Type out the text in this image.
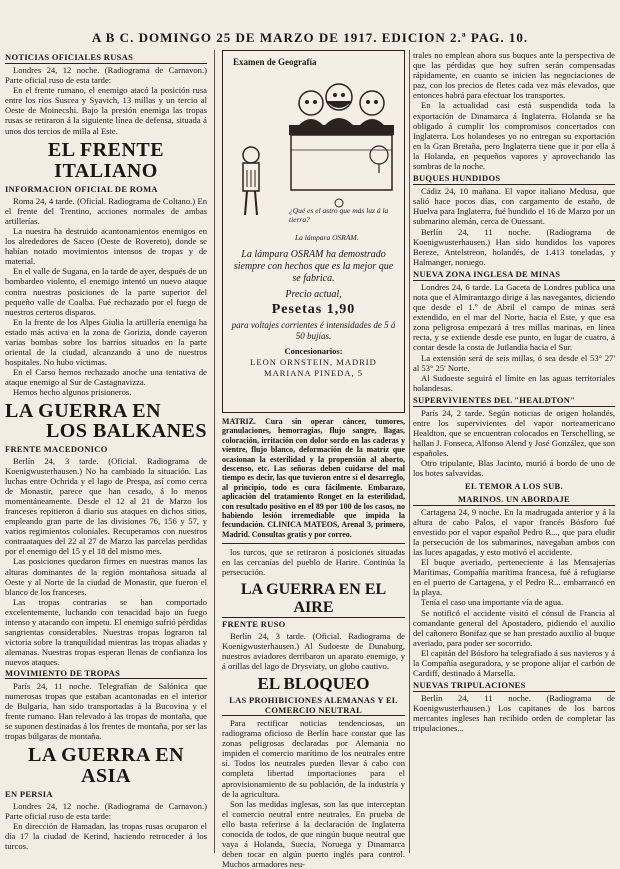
A B C. DOMINGO 25 DE MARZO DE 1917. EDICION 2.ª PAG. 10.
NOTICIAS OFICIALES RUSAS

Londres 24, 12 noche. (Radiograma de Carnavon.) Parte oficial ruso de esta tarde:

En el frente rumano, el enemigo atacó la posición rusa entre los ríos Suscea y Syavich, 13 millas y un tercio al Oeste de Moinecshi. Bajo la presión enemiga las tropas rusas se retiraron á la siguiente línea de defensa, situada á unos dos tercios de milla al Este.

EL FRENTE ITALIANO
INFORMACION OFICIAL DE ROMA

Roma 24, 4 tarde. (Oficial. Radiograma de Coltano.) En el frente del Trentino, acciones normales de ambas artillerías.

La nuestra ha destruido acantonamientos enemigos en los alrededores de Saceo (Oeste de Rovereto), donde se habían notado movimientos intensos de tropas y de material.

En el valle de Sugana, en la tarde de ayer, después de un bombardeo violento, el enemigo intentó un nuevo ataque contra nuestras posiciones de la parte superior del pequeño valle de Coalba. Fué rechazado por el fuego de nuestros certeros disparos.

En la frente de los Alpes Giulia la artillería enemiga ha estado más activa en la zona de Gorizia, donde cayeron varias bombas sobre los barrios situados en la parte oriental de la ciudad, alcanzando á uno de nuestros hospitales. No hubo víctimas.

En el Carso hemos rechazado anoche una tentativa de ataque enemigo al Sur de Castagnavizza.

Hemos hecho algunos prisioneros.

LA GUERRA EN
LOS BALKANES
FRENTE MACEDONICO

Berlín 24, 3 tarde. (Oficial. Radiograma de Koenigwusterhausen.) No ha cambiado la situación. Las luchas entre Ochrida y el lago de Prespa, así como cerca de Monastir, parece que han cesado, á lo menos momentáneamente. Desde el 12 al 21 de Marzo los franceses repitieron á diario sus ataques en dichos sitios, empleando gran parte de las divisiones 76, 156 y 57, y varios regimientos coloniales. Recuperamos con nuestros contraataques del 22 al 27 de Marzo las parcelas perdidas por el enemigo del 15 y el 18 del mismo mes.

Las posiciones quedaron firmes en nuestras manos las alturas dominantes de la región montañosa situada al Oeste y al Norte de la ciudad de Monastir, que fueron el blanco de los franceses.

Las tropas contrarias se han comportado excelentemente, luchando con tenacidad bajo un fuego intenso y atacando con ímpetu. El enemigo sufrió pérdidas sangrientas considerables. Nuestras tropas lograron tal victoria sobre la tranquilidad mientras las tropas aliadas y alemanas. Nuestras tropas esperan llenas de confianza los nuevos ataques.

MOVIMIENTO DE TROPAS

París 24, 11 noche. Telegrafían de Salónica que numerosas tropas que estaban acantonadas en el interior de Bulgaria, han sido transportadas á la Bucovina y el frente rumano. Han relevado á las tropas de montaña, que se suponen destinadas á los frentes de montaña, por ser las tropas búlgaras de montaña.

LA GUERRA EN ASIA
EN PERSIA

Londres 24, 12 noche. (Radiograma de Carnavon.) Parte oficial ruso de esta tarde:

En dirección de Hamadan, las tropas rusas ocuparon el día 17 la ciudad de Kerind, haciendo retroceder á los turcos.

Examen de Geografía
¿Qué es el astro que más luz á la tierra?
La lámpara OSRAM.
La lámpara OSRAM ha demostrado siempre con hechos que es la mejor que se fabrica.
Precio actual,
Pesetas 1,90
para voltajes corrientes é intensidades de 5 á 50 bujías.
Concesionarios:
LEON ORNSTEIN, MADRID
MARIANA PINEDA, 5

MATRIZ. Cura sin operar cáncer, tumores, granulaciones, hemorragias, flujo sangre, llagas, coloración, irritación con dolor sordo en las caderas y vientre, flujo blanco, deformación de la matriz que ocasionan la esterilidad y la propensión al aborto, descenso, etc. Las señoras deben cuidarse del mal tiempo es decir, las que tuvieron entre sí el desarreglo, al principio, todo es cura fácilmente. Embarazo, aplicación del tratamiento Ronget en la esterilidad, con resultado positivo en el 89 por 100 de los casos, no habiendo lesión irremediable que impida la fecundación. CLINICA MATEOS, Arenal 3, primero, Madrid. Consultas gratis y por correo.

los turcos, que se retiraron á posiciones situadas en las cercanías del pueblo de Harire. Continúa la persecución.

LA GUERRA EN EL AIRE
FRENTE RUSO

Berlín 24, 3 tarde. (Oficial. Radiograma de Koenigwusterhausen.) Al Sudoeste de Dunaburg, nuestros aviadores derribaron un aparato enemigo, y á orillas del lago de Drysviaty, un globo cautivo.

EL BLOQUEO
LAS PROHIBICIONES ALEMANAS Y EL COMERCIO NEUTRAL

Para rectificar noticias tendenciosas, un radiograma oficioso de Berlín hace constar que las zonas peligrosas declaradas por Alemania no impiden el comercio marítimo de los neutrales entre sí. Todos los neutrales pueden llevar á cabo con completa libertad importaciones para el aprovisionamiento de su población, de la industria y de la agricultura.

Son las medidas inglesas, son las que interceptan el comercio neutral entre neutrales. En prueba de ello basta referirse á la declaración de Inglaterra conocida de todos, de que ningún buque neutral que vaya á Holanda, Suecia, Noruega y Dinamarca deben tocar en algún puerto inglés para control. Muchos armadores neu-

trales no emplean ahora sus buques ante la perspectiva de que las pérdidas que hoy sufren serán compensadas rápidamente, en cuanto se inicien las negociaciones de paz, con los precios de fletes cada vez más elevados, que entonces habrá para efectuar los transportes.

En la actualidad casi está suspendida toda la exportación de Dinamarca á Inglaterra. Holanda se ha obligado á cumplir los compromisos concertados con Inglaterra. Los holandeses yo no entregan su exportación en la Gran Bretaña, pero Inglaterra tiene que ir por ella á la Holanda, en pequeños vapores y aprovechando las sombras de la noche.

BUQUES HUNDIDOS

Cádiz 24, 10 mañana. El vapor italiano Medusa, que salió hace pocos días, con cargamento de estaño, de Huelva para Inglaterra, fué hundido el 16 de Marzo por un submarino alemán, cerca de Ouessant.

Berlín 24, 11 noche. (Radiograma de Koenigwusterhausen.) Han sido hundidos los vapores Bereze, Antelstreon, holandés, de 1.413 toneladas, y Halmanger, noruego.

NUEVA ZONA INGLESA DE MINAS

Londres 24, 6 tarde. La Gaceta de Londres publica una nota que el Almirantazgo dirige á las navegantes, diciendo que desde el 1.º de Abril el campo de minas será extendido, en el mar del Norte, hacia el Este, y que esa zona peligrosa empezará á tres millas marinas, en línea recta, y se extiende desde ese punto, en lugar de cuatro, á contar desde la costa de Jutlandia hacia el Sur.

La extensión será de seis millas, ó sea desde el 53° 27' al 53° 25' Norte.

Al Sudoeste seguirá el límite en las aguas territoriales holandesas.

SUPERVIVIENTES DEL "HEALDTON"

París 24, 2 tarde. Según noticias de origen holandés, entre los supervivientes del vapor norteamericano Healdton, que se encuentran colocados en Terschelling, se hallan J. Fonseca, Alfonso Alend y José González, que son españoles.

Otro tripulante, Blas Jacinto, murió á bordo de uno de los botes salvavidas.

EL TEMOR A LOS SUB.
MARINOS. UN ABORDAJE

Cartagena 24, 9 noche. En la madrugada anterior y á la altura de cabo Palos, el vapor francés Bósforo fué envestido por el vapor español Pedro R..., que para eludir la persecución de los submarinos, navegaban ambos con las luces apagadas, y esto motivó el accidente.

El buque averiado, perteneciente á las Mensajerías Marítimas, Compañía marítima francesa, fué á refugiarse en el puerto de Cartagena, y el Pedro R... embarrancó en la playa.

Tenía el caso una importante vía de agua.

Se notificó el accidente visitó el cónsul de Francia al comandante general del Apostadero, pidiendo el auxilio del cañonero Bonifaz que se han prestado auxilio al buque averiado, para poder ser socorrido.

El capitán del Bósforo ha telegrafiado á sus navieros y á la Compañía aseguradora, y se propone alijar el carbón de Cardiff, destinado á Marsella.

NUEVAS TRIPULACIONES

Berlín 24, 11 noche. (Radiograma de Koenigwusterhausen.) Los capitanes de los barcos mercantes ingleses han recibido orden de completar las tripulaciones...
